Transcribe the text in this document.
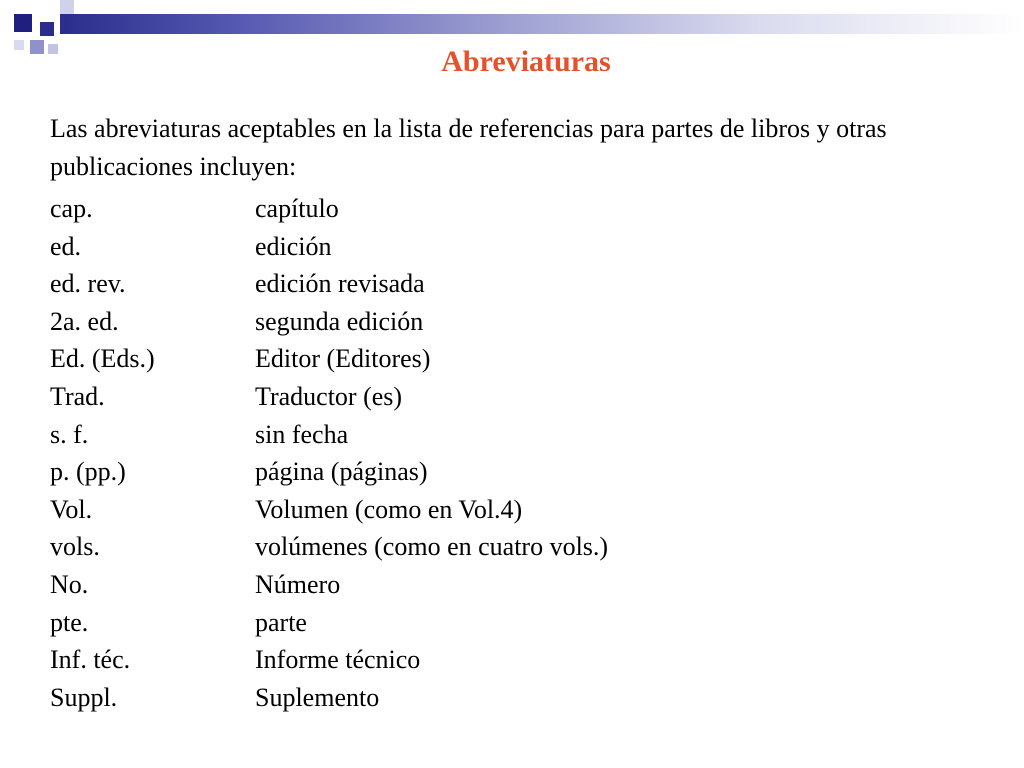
Abreviaturas
Las abreviaturas aceptables en la lista de referencias para partes de libros y otras publicaciones incluyen:
cap.	capítulo
ed.	edición
ed. rev.	edición revisada
2a. ed.	segunda edición
Ed. (Eds.)	Editor (Editores)
Trad.	Traductor (es)
s. f.	sin fecha
p. (pp.)	página (páginas)
Vol.	Volumen (como en Vol.4)
vols.	volúmenes (como en cuatro vols.)
No.	Número
pte.	parte
Inf. téc.	Informe técnico
Suppl.	Suplemento
